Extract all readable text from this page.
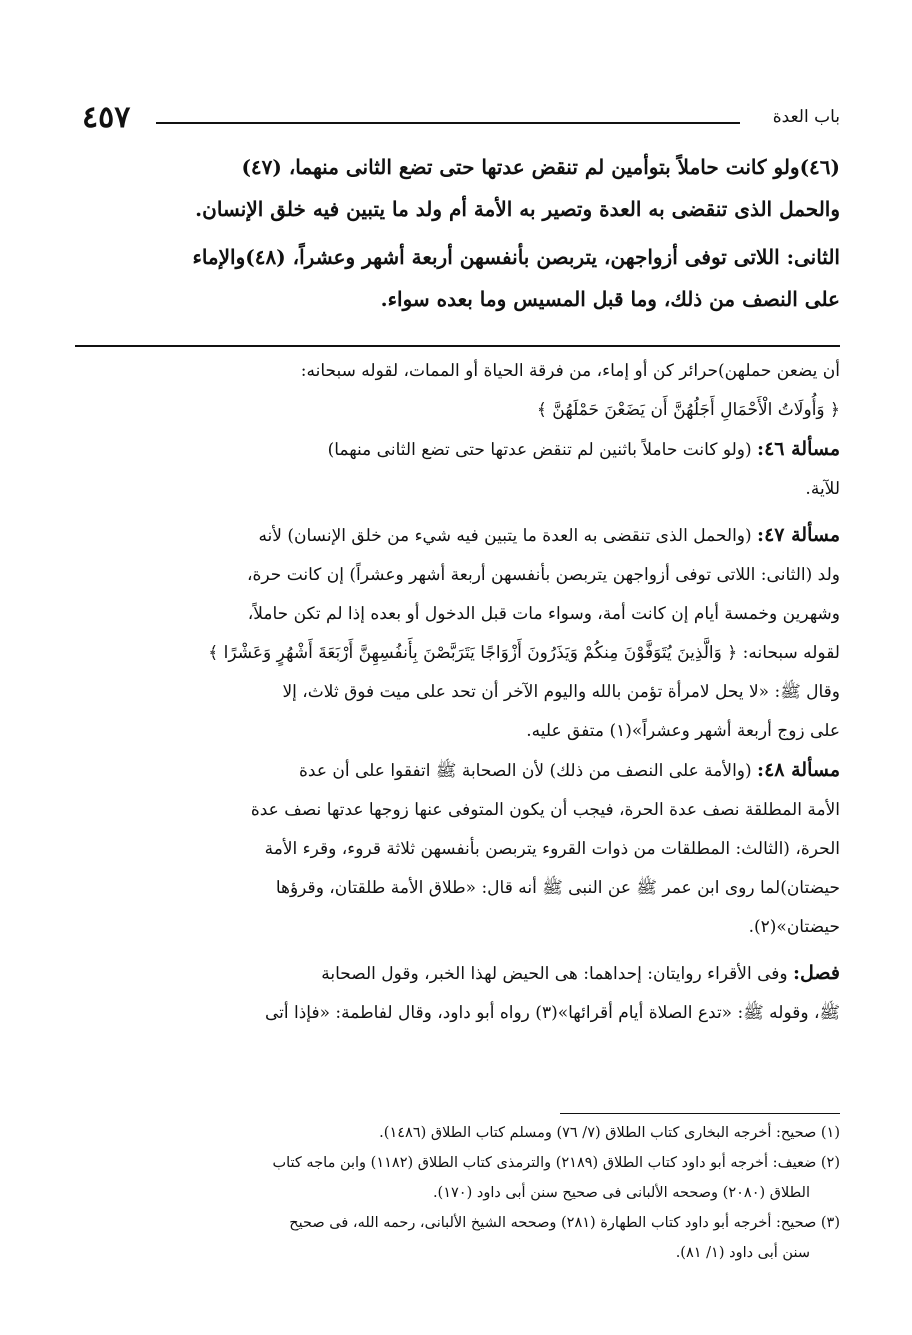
٤٥٧	باب العدة

(٤٦)ولو كانت حاملاً بتوأمين لم تنقض عدتها حتى تضع الثانى منهما، (٤٧)

والحمل الذى تنقضى به العدة وتصير به الأمة أم ولد ما يتبين فيه خلق الإنسان.

الثانى: اللاتى توفى أزواجهن، يتربصن بأنفسهن أربعة أشهر وعشراً، (٤٨)والإماء

على النصف من ذلك، وما قبل المسيس وما بعده سواء.

أن يضعن حملهن)حرائر كن أو إماء، من فرقة الحياة أو الممات، لقوله سبحانه:

﴿ وَأُولَاتُ الْأَحْمَالِ أَجَلُهُنَّ أَن يَضَعْنَ حَمْلَهُنَّ ﴾

مسألة ٤٦: (ولو كانت حاملاً باثنين لم تنقض عدتها حتى تضع الثانى منهما)

للآية.

مسألة ٤٧: (والحمل الذى تنقضى به العدة ما يتبين فيه شيء من خلق الإنسان) لأنه

ولد (الثانى: اللاتى توفى أزواجهن يتربصن بأنفسهن أربعة أشهر وعشراً) إن كانت حرة،

وشهرين وخمسة أيام إن كانت أمة، وسواء مات قبل الدخول أو بعده إذا لم تكن حاملاً،

لقوله سبحانه: ﴿ وَالَّذِينَ يُتَوَفَّوْنَ مِنكُمْ وَيَذَرُونَ أَزْوَاجًا يَتَرَبَّصْنَ بِأَنفُسِهِنَّ أَرْبَعَةَ أَشْهُرٍ وَعَشْرًا ﴾

وقال ﷺ: «لا يحل لامرأة تؤمن بالله واليوم الآخر أن تحد على ميت فوق ثلاث، إلا

على زوج أربعة أشهر وعشراً»(١) متفق عليه.

مسألة ٤٨: (والأمة على النصف من ذلك) لأن الصحابة ﷺ اتفقوا على أن عدة

الأمة المطلقة نصف عدة الحرة، فيجب أن يكون المتوفى عنها زوجها عدتها نصف عدة

الحرة، (الثالث: المطلقات من ذوات القروء يتربصن بأنفسهن ثلاثة قروء، وقرء الأمة

حيضتان)لما روى ابن عمر ﷺ عن النبى ﷺ أنه قال: «طلاق الأمة طلقتان، وقرؤها

حيضتان»(٢).

فصل: وفى الأقراء روايتان: إحداهما: هى الحيض لهذا الخبر، وقول الصحابة

ﷺ، وقوله ﷺ: «تدع الصلاة أيام أقرائها»(٣) رواه أبو داود، وقال لفاطمة: «فإذا أتى

(١) صحيح: أخرجه البخارى كتاب الطلاق (٧/ ٧٦) ومسلم كتاب الطلاق (١٤٨٦).

(٢) ضعيف: أخرجه أبو داود كتاب الطلاق (٢١٨٩) والترمذى كتاب الطلاق (١١٨٢) وابن ماجه كتاب

الطلاق (٢٠٨٠) وصححه الألبانى فى صحيح سنن أبى داود (١٧٠).

(٣) صحيح: أخرجه أبو داود كتاب الطهارة (٢٨١) وصححه الشيخ الألبانى، رحمه الله، فى صحيح

سنن أبى داود (١/ ٨١).
